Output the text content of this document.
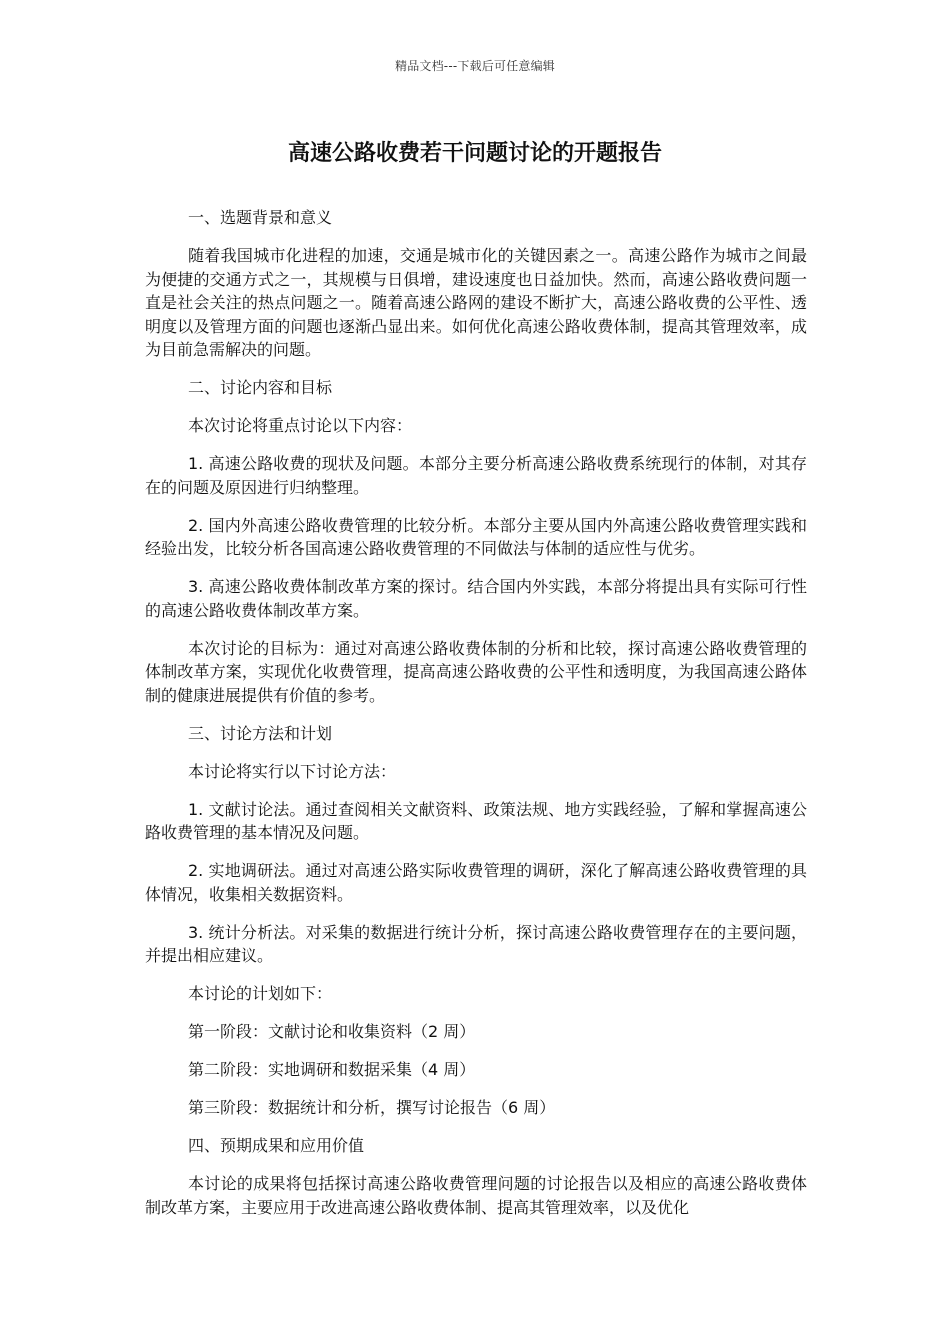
精品文档---下载后可任意编辑
高速公路收费若干问题讨论的开题报告

一、选题背景和意义

随着我国城市化进程的加速，交通是城市化的关键因素之一。高速公路作为城市之间最为便捷的交通方式之一，其规模与日俱增，建设速度也日益加快。然而，高速公路收费问题一直是社会关注的热点问题之一。随着高速公路网的建设不断扩大，高速公路收费的公平性、透明度以及管理方面的问题也逐渐凸显出来。如何优化高速公路收费体制，提高其管理效率，成为目前急需解决的问题。

二、讨论内容和目标

本次讨论将重点讨论以下内容：

1. 高速公路收费的现状及问题。本部分主要分析高速公路收费系统现行的体制，对其存在的问题及原因进行归纳整理。

2. 国内外高速公路收费管理的比较分析。本部分主要从国内外高速公路收费管理实践和经验出发，比较分析各国高速公路收费管理的不同做法与体制的适应性与优劣。

3. 高速公路收费体制改革方案的探讨。结合国内外实践，本部分将提出具有实际可行性的高速公路收费体制改革方案。

本次讨论的目标为：通过对高速公路收费体制的分析和比较，探讨高速公路收费管理的体制改革方案，实现优化收费管理，提高高速公路收费的公平性和透明度，为我国高速公路体制的健康进展提供有价值的参考。

三、讨论方法和计划

本讨论将实行以下讨论方法：

1. 文献讨论法。通过查阅相关文献资料、政策法规、地方实践经验，了解和掌握高速公路收费管理的基本情况及问题。

2. 实地调研法。通过对高速公路实际收费管理的调研，深化了解高速公路收费管理的具体情况，收集相关数据资料。

3. 统计分析法。对采集的数据进行统计分析，探讨高速公路收费管理存在的主要问题，并提出相应建议。

本讨论的计划如下：

第一阶段：文献讨论和收集资料（2 周）

第二阶段：实地调研和数据采集（4 周）

第三阶段：数据统计和分析，撰写讨论报告（6 周）

四、预期成果和应用价值

本讨论的成果将包括探讨高速公路收费管理问题的讨论报告以及相应的高速公路收费体制改革方案，主要应用于改进高速公路收费体制、提高其管理效率，以及优化
